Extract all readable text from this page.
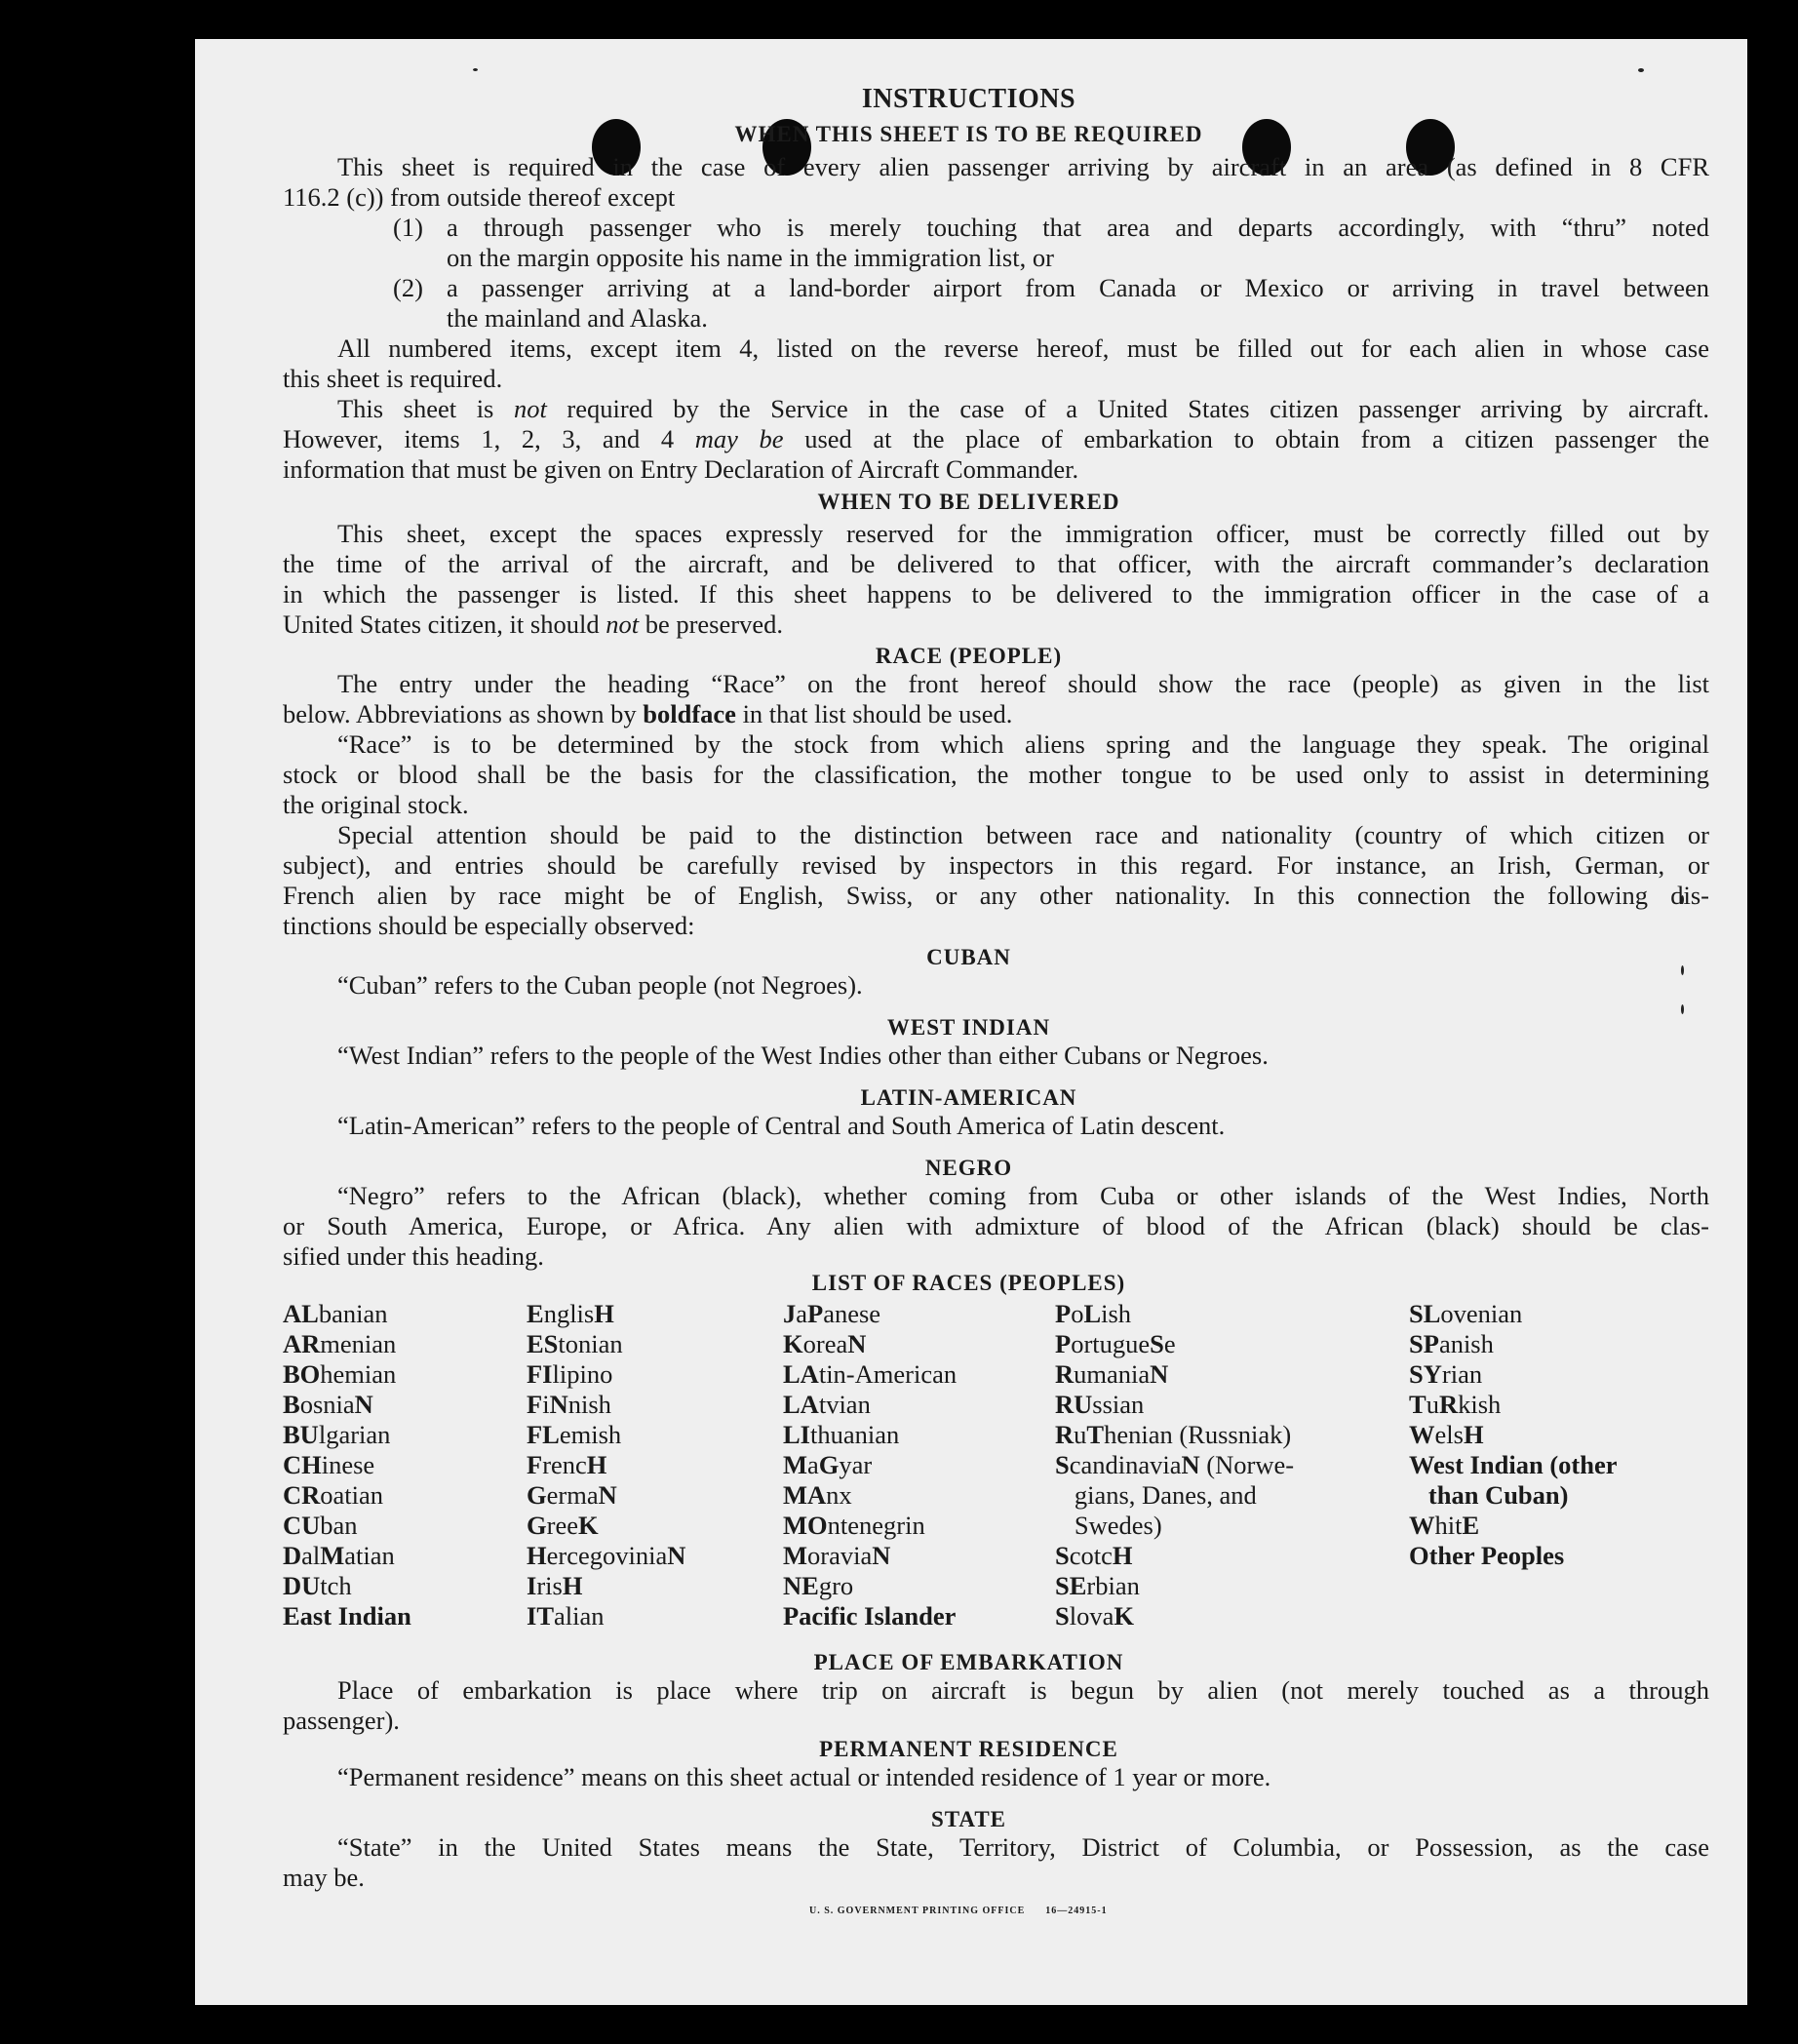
INSTRUCTIONS
WHEN THIS SHEET IS TO BE REQUIRED
This sheet is required in the case of every alien passenger arriving by aircraft in an area (as defined in 8 CFR
116.2 (c)) from outside thereof except
(1) a through passenger who is merely touching that area and departs accordingly, with “thru” noted
on the margin opposite his name in the immigration list, or
(2) a passenger arriving at a land-border airport from Canada or Mexico or arriving in travel between
the mainland and Alaska.
All numbered items, except item 4, listed on the reverse hereof, must be filled out for each alien in whose case
this sheet is required.
This sheet is not required by the Service in the case of a United States citizen passenger arriving by aircraft.
However, items 1, 2, 3, and 4 may be used at the place of embarkation to obtain from a citizen passenger the
information that must be given on Entry Declaration of Aircraft Commander.
WHEN TO BE DELIVERED
This sheet, except the spaces expressly reserved for the immigration officer, must be correctly filled out by
the time of the arrival of the aircraft, and be delivered to that officer, with the aircraft commander’s declaration
in which the passenger is listed. If this sheet happens to be delivered to the immigration officer in the case of a
United States citizen, it should not be preserved.
RACE (PEOPLE)
The entry under the heading “Race” on the front hereof should show the race (people) as given in the list
below. Abbreviations as shown by boldface in that list should be used.
“Race” is to be determined by the stock from which aliens spring and the language they speak. The original
stock or blood shall be the basis for the classification, the mother tongue to be used only to assist in determining
the original stock.
Special attention should be paid to the distinction between race and nationality (country of which citizen or
subject), and entries should be carefully revised by inspectors in this regard. For instance, an Irish, German, or
French alien by race might be of English, Swiss, or any other nationality. In this connection the following dis-
tinctions should be especially observed:
CUBAN
“Cuban” refers to the Cuban people (not Negroes).
WEST INDIAN
“West Indian” refers to the people of the West Indies other than either Cubans or Negroes.
LATIN-AMERICAN
“Latin-American” refers to the people of Central and South America of Latin descent.
NEGRO
“Negro” refers to the African (black), whether coming from Cuba or other islands of the West Indies, North
or South America, Europe, or Africa. Any alien with admixture of blood of the African (black) should be clas-
sified under this heading.
LIST OF RACES (PEOPLES)
ALbanian
ARmenian
BOhemian
BosniaN
BUlgarian
CHinese
CRoatian
CUban
DalMatian
DUtch
East Indian
EnglisH
EStonian
FIlipino
FiNnish
FLemish
FrencH
GermaN
GreeK
HercegoviniaN
IrisH
ITalian
JaPanese
KoreaN
LAtin-American
LAtvian
LIthuanian
MaGyar
MAnx
MOntenegrin
MoraviaN
NEgro
Pacific Islander
PoLish
PortugueSe
RumaniaN
RUssian
RuThenian (Russniak)
ScandinaviaN (Norwe-
gians, Danes, and
Swedes)
ScotcH
SErbian
SlovaK
SLovenian
SPanish
SYrian
TuRkish
WelsH
West Indian (other
than Cuban)
WhitE
Other Peoples
PLACE OF EMBARKATION
Place of embarkation is place where trip on aircraft is begun by alien (not merely touched as a through
passenger).
PERMANENT RESIDENCE
“Permanent residence” means on this sheet actual or intended residence of 1 year or more.
STATE
“State” in the United States means the State, Territory, District of Columbia, or Possession, as the case
may be.
U. S. GOVERNMENT PRINTING OFFICE 16—24915-1
